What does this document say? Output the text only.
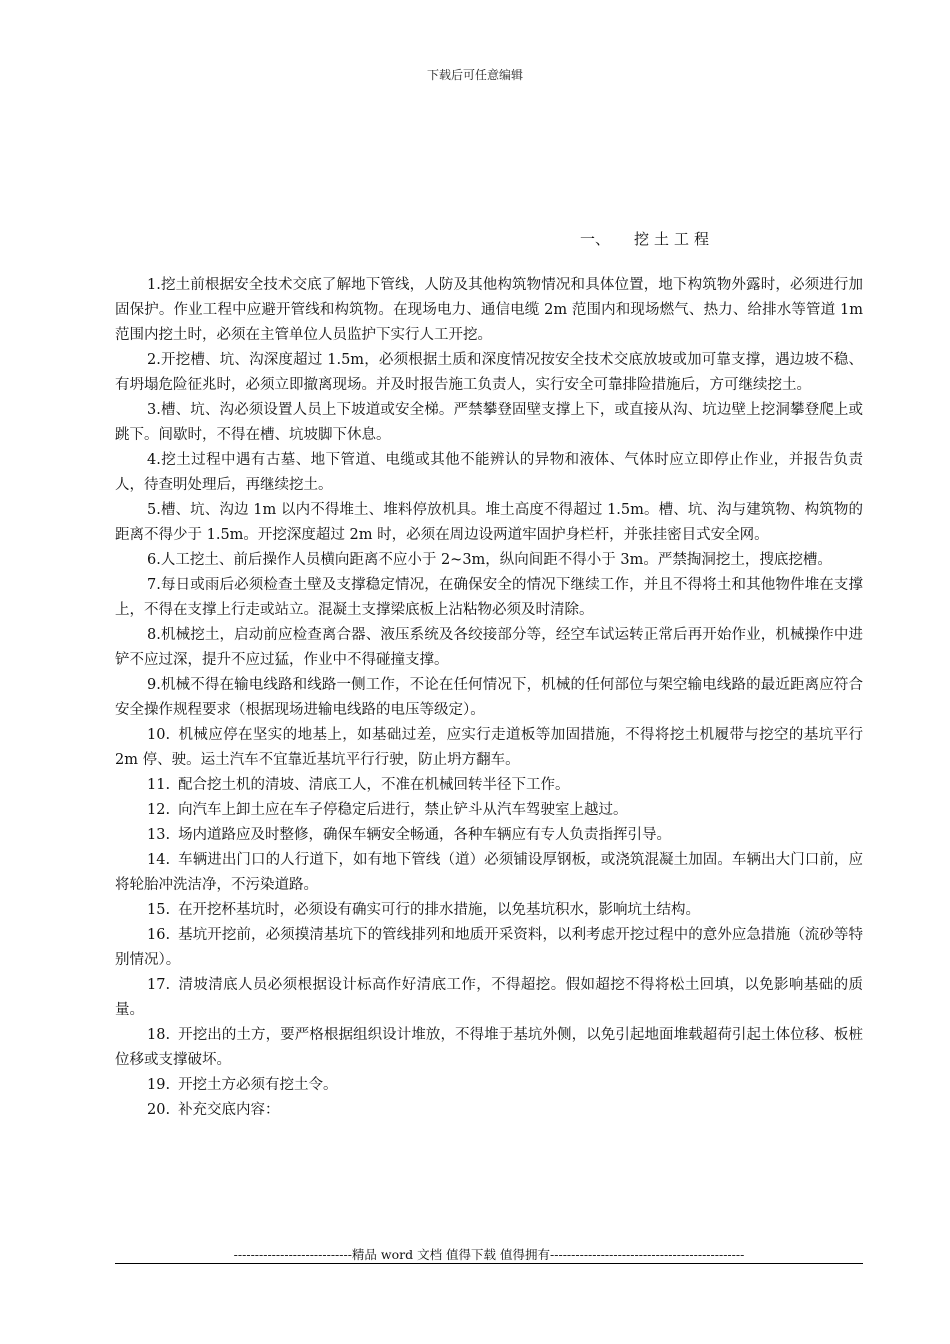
下载后可任意编辑
一、 挖土工程

1.挖土前根据安全技术交底了解地下管线，人防及其他构筑物情况和具体位置，地下构筑物外露时，必须进行加固保护。作业工程中应避开管线和构筑物。在现场电力、通信电缆 2m 范围内和现场燃气、热力、给排水等管道 1m 范围内挖土时，必须在主管单位人员监护下实行人工开挖。

2.开挖槽、坑、沟深度超过 1.5m，必须根据土质和深度情况按安全技术交底放坡或加可靠支撑，遇边坡不稳、有坍塌危险征兆时，必须立即撤离现场。并及时报告施工负责人，实行安全可靠排险措施后，方可继续挖土。

3.槽、坑、沟必须设置人员上下坡道或安全梯。严禁攀登固壁支撑上下，或直接从沟、坑边壁上挖洞攀登爬上或跳下。间歇时，不得在槽、坑坡脚下休息。

4.挖土过程中遇有古墓、地下管道、电缆或其他不能辨认的异物和液体、气体时应立即停止作业，并报告负责人，待查明处理后，再继续挖土。

5.槽、坑、沟边 1m 以内不得堆土、堆料停放机具。堆土高度不得超过 1.5m。槽、坑、沟与建筑物、构筑物的距离不得少于 1.5m。开挖深度超过 2m 时，必须在周边设两道牢固护身栏杆，并张挂密目式安全网。

6.人工挖土、前后操作人员横向距离不应小于 2~3m，纵向间距不得小于 3m。严禁掏洞挖土，搜底挖槽。

7.每日或雨后必须检查土壁及支撑稳定情况，在确保安全的情况下继续工作，并且不得将土和其他物件堆在支撑上，不得在支撑上行走或站立。混凝土支撑梁底板上沾粘物必须及时清除。

8.机械挖土，启动前应检查离合器、液压系统及各绞接部分等，经空车试运转正常后再开始作业，机械操作中进铲不应过深，提升不应过猛，作业中不得碰撞支撑。

9.机械不得在输电线路和线路一侧工作，不论在任何情况下，机械的任何部位与架空输电线路的最近距离应符合安全操作规程要求（根据现场进输电线路的电压等级定）。

10. 机械应停在坚实的地基上，如基础过差，应实行走道板等加固措施，不得将挖土机履带与挖空的基坑平行 2m 停、驶。运土汽车不宜靠近基坑平行行驶，防止坍方翻车。

11. 配合挖土机的清坡、清底工人，不准在机械回转半径下工作。

12. 向汽车上卸土应在车子停稳定后进行，禁止铲斗从汽车驾驶室上越过。

13. 场内道路应及时整修，确保车辆安全畅通，各种车辆应有专人负责指挥引导。

14. 车辆进出门口的人行道下，如有地下管线（道）必须铺设厚钢板，或浇筑混凝土加固。车辆出大门口前，应将轮胎冲洗洁净，不污染道路。

15. 在开挖杯基坑时，必须设有确实可行的排水措施，以免基坑积水，影响坑土结构。

16. 基坑开挖前，必须摸清基坑下的管线排列和地质开采资料，以利考虑开挖过程中的意外应急措施（流砂等特别情况）。

17. 清坡清底人员必须根据设计标高作好清底工作，不得超挖。假如超挖不得将松土回填，以免影响基础的质量。

18. 开挖出的土方，要严格根据组织设计堆放，不得堆于基坑外侧，以免引起地面堆载超荷引起土体位移、板桩位移或支撑破坏。

19. 开挖土方必须有挖土令。

20. 补充交底内容：

----------------------------精品 word 文档 值得下载 值得拥有----------------------------------------------
